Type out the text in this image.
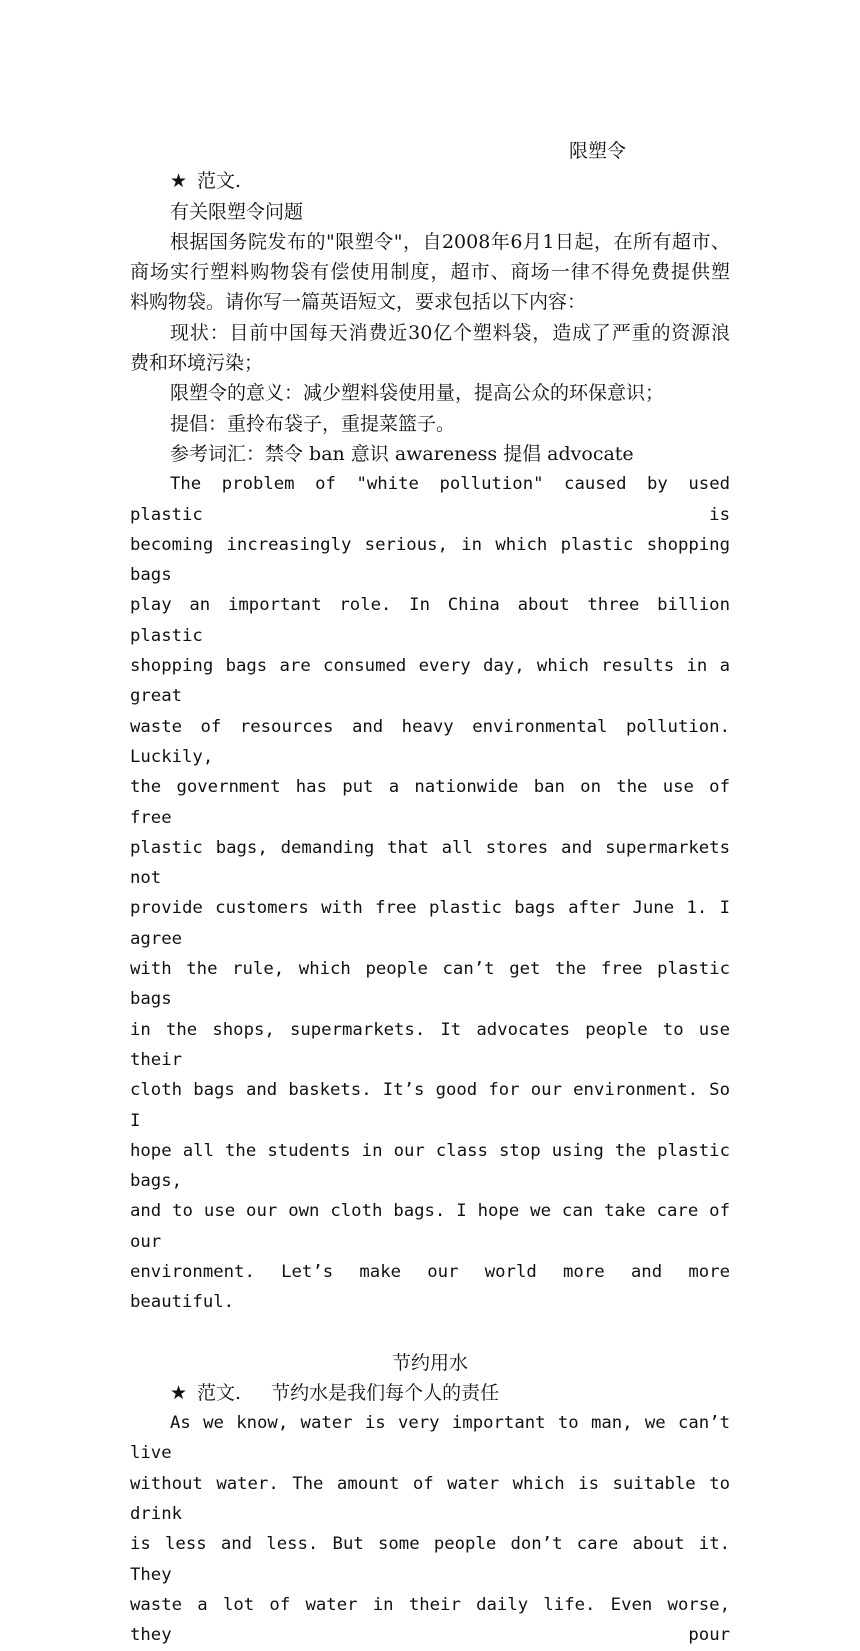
限塑令
★ 范文.

有关限塑令问题

根据国务院发布的"限塑令"，自2008年6月1日起，在所有超市、

商场实行塑料购物袋有偿使用制度，超市、商场一律不得免费提供塑

料购物袋。请你写一篇英语短文，要求包括以下内容：

现状：目前中国每天消费近30亿个塑料袋，造成了严重的资源浪

费和环境污染；

限塑令的意义：减少塑料袋使用量，提高公众的环保意识；

提倡：重拎布袋子，重提菜篮子。

参考词汇：禁令 ban 意识 awareness 提倡 advocate

The problem of "white pollution" caused by used plastic is

becoming increasingly serious, in which plastic shopping bags

play an important role. In China about three billion plastic

shopping bags are consumed every day, which results in a great

waste of resources and heavy environmental pollution. Luckily,

the government has put a nationwide ban on the use of free

plastic bags, demanding that all stores and supermarkets not

provide customers with free plastic bags after June 1. I agree

with the rule, which people can’t get the free plastic bags

in the shops, supermarkets. It advocates people to use their

cloth bags and baskets. It’s good for our environment. So I

hope all the students in our class stop using the plastic bags,

and to use our own cloth bags. I hope we can take care of our

environment. Let’s make our world more and more beautiful.

节约用水
★ 范文. 节约水是我们每个人的责任

As we know, water is very important to man, we can’t live

without water. The amount of water which is suitable to drink

is less and less. But some people don’t care about it. They

waste a lot of water in their daily life. Even worse, they pour
